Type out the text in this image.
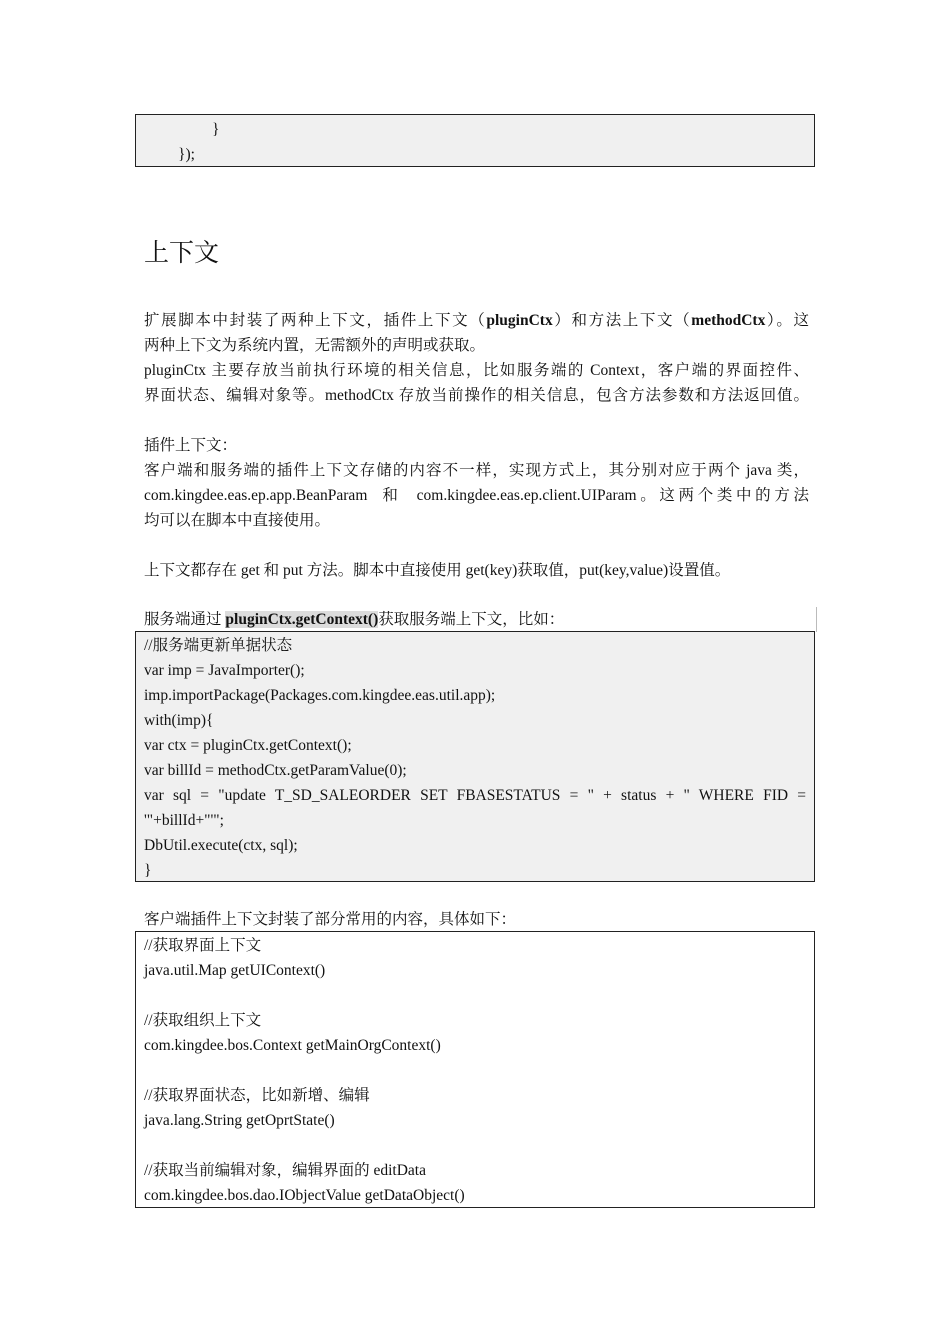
}
});
上下文
扩展脚本中封装了两种上下文，插件上下文（pluginCtx）和方法上下文（methodCtx）。这
两种上下文为系统内置，无需额外的声明或获取。
pluginCtx 主要存放当前执行环境的相关信息，比如服务端的 Context，客户端的界面控件、
界面状态、编辑对象等。methodCtx 存放当前操作的相关信息，包含方法参数和方法返回值。
插件上下文：
客户端和服务端的插件上下文存储的内容不一样，实现方式上，其分别对应于两个 java 类，
com.kingdee.eas.ep.app.BeanParam  和  com.kingdee.eas.ep.client.UIParam。这两个类中的方法
均可以在脚本中直接使用。
上下文都存在 get 和 put 方法。脚本中直接使用 get(key)获取值，put(key,value)设置值。
服务端通过 pluginCtx.getContext()获取服务端上下文，比如：
//服务端更新单据状态
var imp = JavaImporter();
imp.importPackage(Packages.com.kingdee.eas.util.app);
with(imp){
var ctx = pluginCtx.getContext();
var billId = methodCtx.getParamValue(0);
var sql = "update T_SD_SALEORDER SET FBASESTATUS = " + status + " WHERE FID =
'"+billId+"'";
DbUtil.execute(ctx, sql);
}
客户端插件上下文封装了部分常用的内容，具体如下：
//获取界面上下文
java.util.Map getUIContext()
//获取组织上下文
com.kingdee.bos.Context getMainOrgContext()
//获取界面状态，比如新增、编辑
java.lang.String getOprtState()
//获取当前编辑对象，编辑界面的 editData
com.kingdee.bos.dao.IObjectValue getDataObject()
